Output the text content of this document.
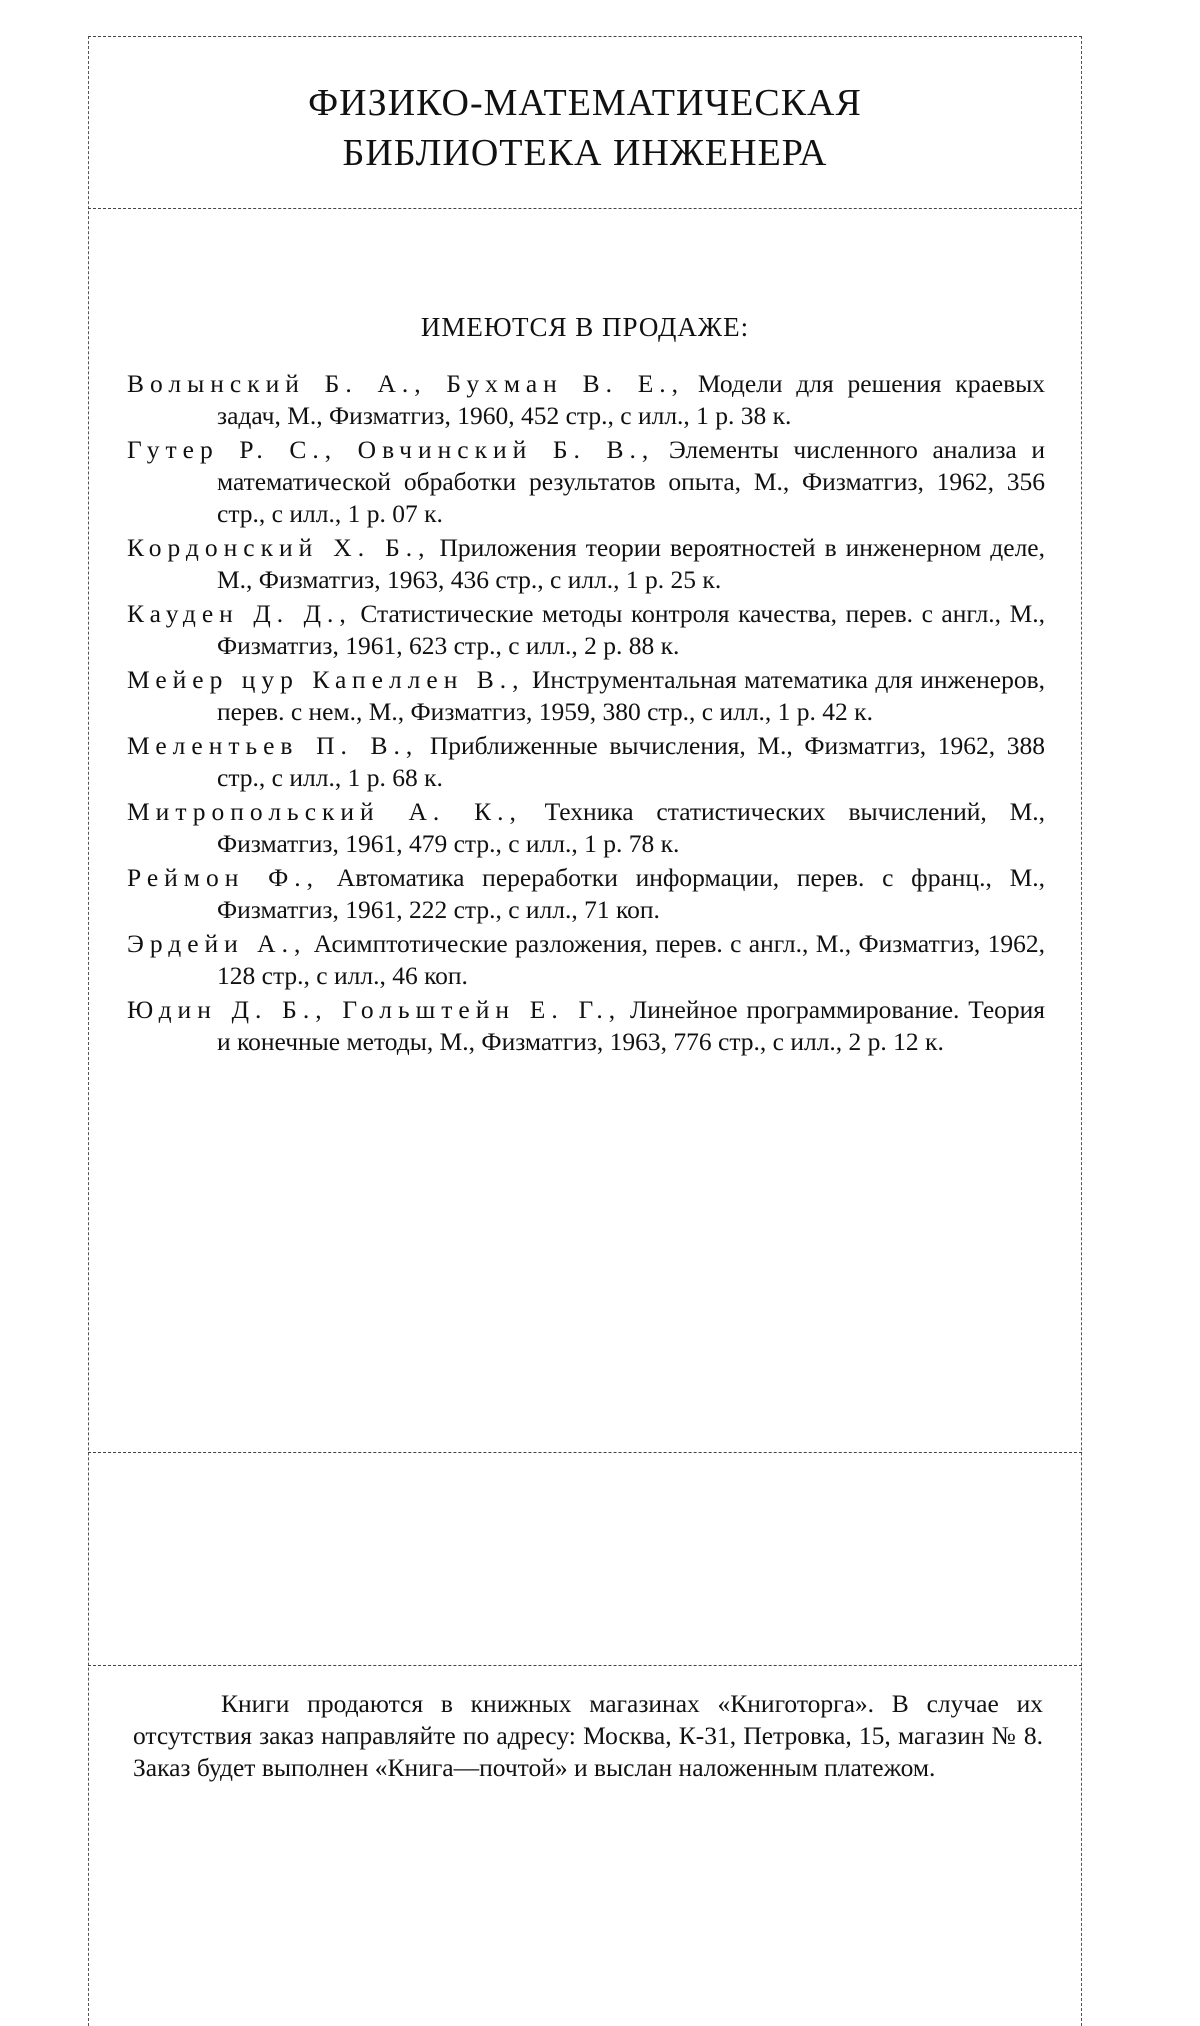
ФИЗИКО-МАТЕМАТИЧЕСКАЯ
БИБЛИОТЕКА ИНЖЕНЕРА
ИМЕЮТСЯ В ПРОДАЖЕ:
Волынский Б. А., Бухман В. Е., Модели для решения краевых задач, М., Физматгиз, 1960, 452 стр., с илл., 1 р. 38 к.
Гутер Р. С., Овчинский Б. В., Элементы численного анализа и математической обработки результатов опыта, М., Физматгиз, 1962, 356 стр., с илл., 1 р. 07 к.
Кордонский Х. Б., Приложения теории вероятностей в инженерном деле, М., Физматгиз, 1963, 436 стр., с илл., 1 р. 25 к.
Кауден Д. Д., Статистические методы контроля качества, перев. с англ., М., Физматгиз, 1961, 623 стр., с илл., 2 р. 88 к.
Мейер цур Капеллен В., Инструментальная математика для инженеров, перев. с нем., М., Физматгиз, 1959, 380 стр., с илл., 1 р. 42 к.
Мелентьев П. В., Приближенные вычисления, М., Физматгиз, 1962, 388 стр., с илл., 1 р. 68 к.
Митропольский А. К., Техника статистических вычислений, М., Физматгиз, 1961, 479 стр., с илл., 1 р. 78 к.
Реймон Ф., Автоматика переработки информации, перев. с франц., М., Физматгиз, 1961, 222 стр., с илл., 71 коп.
Эрдейи А., Асимптотические разложения, перев. с англ., М., Физматгиз, 1962, 128 стр., с илл., 46 коп.
Юдин Д. Б., Гольштейн Е. Г., Линейное программирование. Теория и конечные методы, М., Физматгиз, 1963, 776 стр., с илл., 2 р. 12 к.
Книги продаются в книжных магазинах «Книготорга». В случае их отсутствия заказ направляйте по адресу: Москва, К-31, Петровка, 15, магазин № 8. Заказ будет выполнен «Книга—почтой» и выслан наложенным платежом.
